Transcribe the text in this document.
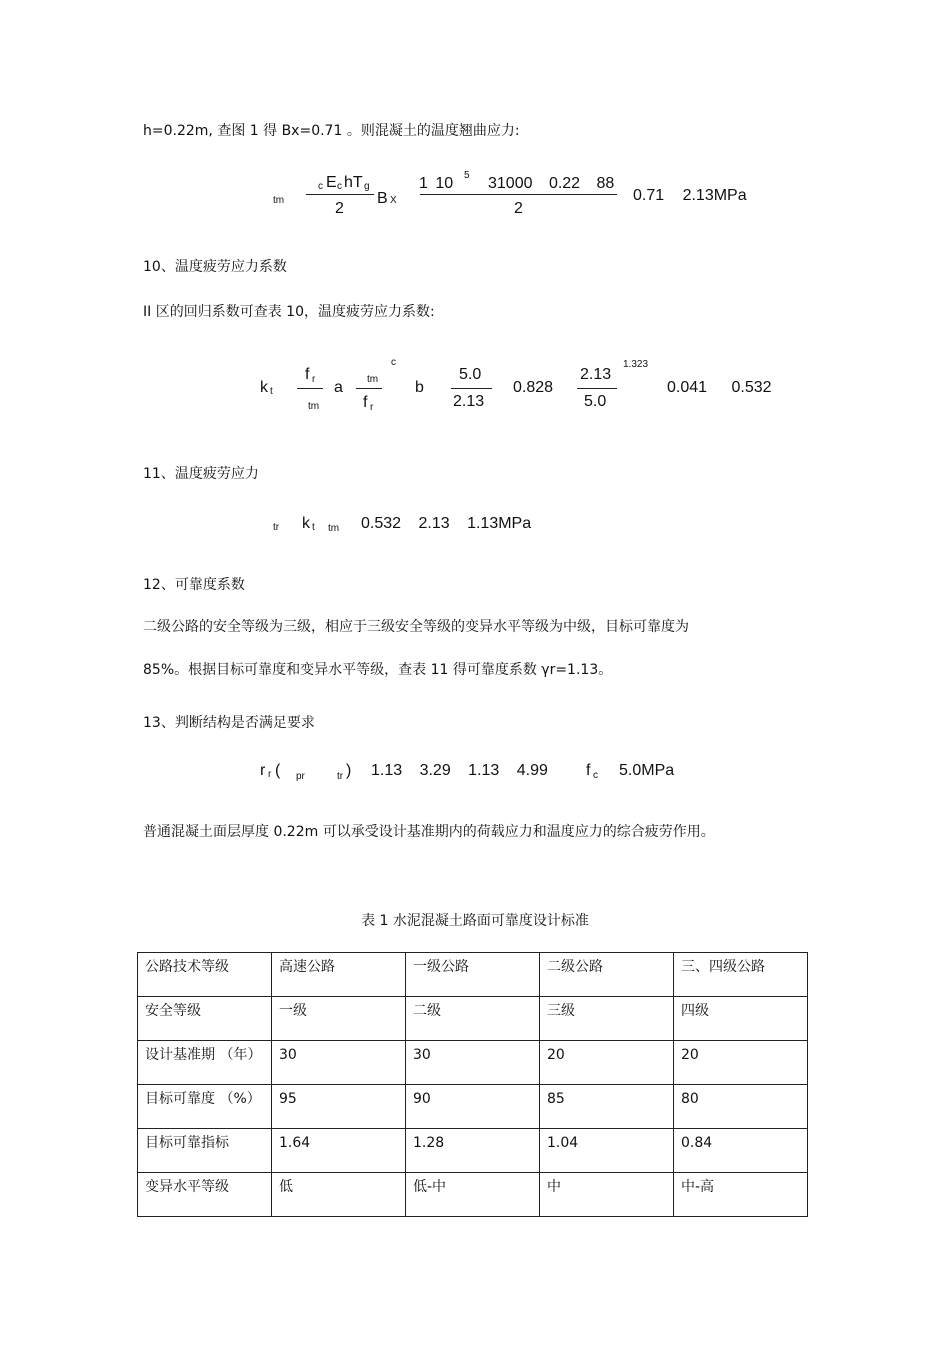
h=0.22m, 查图 1 得 Bx=0.71 。则混凝土的温度翘曲应力:
tm
c E c hT g
2
B X
1 10 5 31000 0.22 88
2
0.71 2.13MPa
10、温度疲劳应力系数
II 区的回归系数可查表 10，温度疲劳应力系数:
k t
f r
tm
a tm
f r
c
b
5.0
2.13
0.828
2.13
5.0
1.323
0.041 0.532
11、温度疲劳应力
tr k t tm 0.532 2.13 1.13MPa
12、可靠度系数
二级公路的安全等级为三级，相应于三级安全等级的变异水平等级为中级，目标可靠度为
85%。根据目标可靠度和变异水平等级，查表 11 得可靠度系数 γr=1.13。
13、判断结构是否满足要求
r r ( pr	tr ) 1.13 3.29 1.13 4.99 f c 5.0MPa
普通混凝土面层厚度 0.22m 可以承受设计基准期内的荷载应力和温度应力的综合疲劳作用。
表 1 水泥混凝土路面可靠度设计标准
公路技术等级	高速公路	一级公路	二级公路	三、四级公路
安全等级	一级	二级	三级	四级
设计基准期 （年）	30	30	20	20
目标可靠度 （%）	95	90	85	80
目标可靠指标	1.64	1.28	1.04	0.84
变异水平等级	低	低-中	中	中-高
